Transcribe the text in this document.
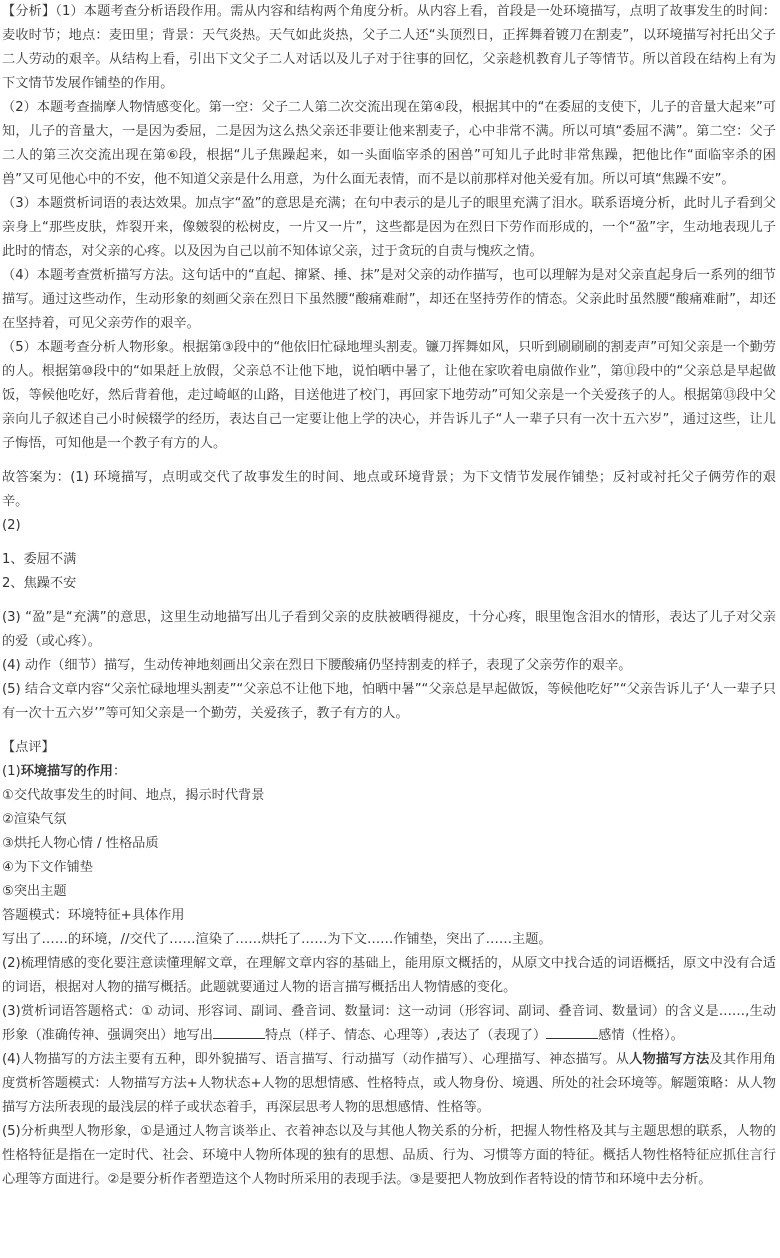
【分析】（1）本题考查分析语段作用。需从内容和结构两个角度分析。从内容上看，首段是一处环境描写，点明了故事发生的时间：麦收时节；地点：麦田里；背景：天气炎热。天气如此炎热，父子二人还“头顶烈日，正挥舞着镀刀在割麦”，以环境描写衬托出父子二人劳动的艰辛。从结构上看，引出下文父子二人对话以及儿子对于往事的回忆，父亲趁机教育儿子等情节。所以首段在结构上有为下文情节发展作铺垫的作用。

（2）本题考查揣摩人物情感变化。第一空：父子二人第二次交流出现在第④段，根据其中的“在委屈的支使下，儿子的音量大起来”可知，儿子的音量大，一是因为委屈，二是因为这么热父亲还非要让他来割麦子，心中非常不满。所以可填“委屈不满”。第二空：父子二人的第三次交流出现在第⑥段，根据“儿子焦躁起来，如一头面临宰杀的困兽”可知儿子此时非常焦躁，把他比作“面临宰杀的困兽”又可见他心中的不安，他不知道父亲是什么用意，为什么面无表情，而不是以前那样对他关爱有加。所以可填“焦躁不安”。

（3）本题赏析词语的表达效果。加点字“盈”的意思是充满；在句中表示的是儿子的眼里充满了泪水。联系语境分析，此时儿子看到父亲身上“那些皮肤，炸裂开来，像皴裂的松树皮，一片又一片”，这些都是因为在烈日下劳作而形成的，一个“盈”字，生动地表现儿子此时的情态，对父亲的心疼。以及因为自己以前不知体谅父亲，过于贪玩的自责与愧疚之情。

（4）本题考查赏析描写方法。这句话中的“直起、撺紧、捶、抹”是对父亲的动作描写，也可以理解为是对父亲直起身后一系列的细节描写。通过这些动作，生动形象的刻画父亲在烈日下虽然腰“酸痛难耐”，却还在坚持劳作的情态。父亲此时虽然腰“酸痛难耐”，却还在坚持着，可见父亲劳作的艰辛。

（5）本题考查分析人物形象。根据第③段中的“他依旧忙碌地埋头割麦。镰刀挥舞如风，只听到刷刷刷的割麦声”可知父亲是一个勤劳的人。根据第⑩段中的“如果赶上放假，父亲总不让他下地，说怕晒中暑了，让他在家吹着电扇做作业”，第⑪段中的“父亲总是早起做饭，等候他吃好，然后背着他，走过崎岖的山路，目送他进了校门，再回家下地劳动”可知父亲是一个关爱孩子的人。根据第⑬段中父亲向儿子叙述自己小时候辍学的经历，表达自己一定要让他上学的决心，并告诉儿子“人一辈子只有一次十五六岁”，通过这些，让儿子悔悟，可知他是一个教子有方的人。

故答案为：(1) 环境描写，点明或交代了故事发生的时间、地点或环境背景；为下文情节发展作铺垫；反衬或衬托父子俩劳作的艰辛。

(2)

1、委屈不满

2、焦躁不安

(3) “盈”是“充满”的意思，这里生动地描写出儿子看到父亲的皮肤被晒得褪皮，十分心疼，眼里饱含泪水的情形，表达了儿子对父亲的爱（或心疼）。

(4) 动作（细节）描写，生动传神地刻画出父亲在烈日下腰酸痛仍坚持割麦的样子，表现了父亲劳作的艰辛。

(5) 结合文章内容“父亲忙碌地埋头割麦”“父亲总不让他下地，怕晒中暑”“父亲总是早起做饭，等候他吃好”“父亲告诉儿子‘人一辈子只有一次十五六岁’”等可知父亲是一个勤劳，关爱孩子，教子有方的人。

【点评】

(1)环境描写的作用：

①交代故事发生的时间、地点，揭示时代背景

②渲染气氛

③烘托人物心情 / 性格品质

④为下文作铺垫

⑤突出主题

答题模式：环境特征+具体作用

写出了……的环境，//交代了……渲染了……烘托了……为下文……作铺垫，突出了……主题。

(2)梳理情感的变化要注意读懂理解文章，在理解文章内容的基础上，能用原文概括的，从原文中找合适的词语概括，原文中没有合适的词语，根据对人物的描写概括。此题就要通过人物的语言描写概括出人物情感的变化。

(3)赏析词语答题格式：① 动词、形容词、副词、叠音词、数量词：这一动词（形容词、副词、叠音词、数量词）的含义是……,生动形象（准确传神、强调突出）地写出	特点（样子、情态、心理等）,表达了（表现了）	感情（性格）。

(4)人物描写的方法主要有五种，即外貌描写、语言描写、行动描写（动作描写）、心理描写、神态描写。从人物描写方法及其作用角度赏析答题模式：人物描写方法+人物状态+人物的思想情感、性格特点，或人物身份、境遇、所处的社会环境等。解题策略：从人物描写方法所表现的最浅层的样子或状态着手，再深层思考人物的思想感情、性格等。

(5)分析典型人物形象，①是通过人物言谈举止、衣着神态以及与其他人物关系的分析，把握人物性格及其与主题思想的联系，人物的性格特征是指在一定时代、社会、环境中人物所体现的独有的思想、品质、行为、习惯等方面的特征。概括人物性格特征应抓住言行心理等方面进行。②是要分析作者塑造这个人物时所采用的表现手法。③是要把人物放到作者特设的情节和环境中去分析。
